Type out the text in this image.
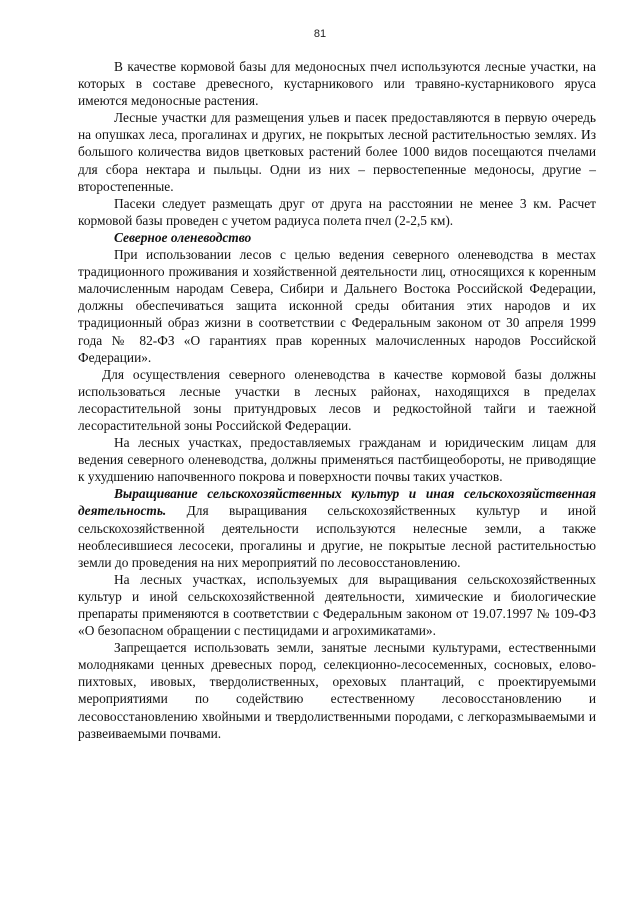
81

В качестве кормовой базы для медоносных пчел используются лесные участки, на которых в составе древесного, кустарникового или травяно-кустарникового яруса имеются медоносные растения.

Лесные участки для размещения ульев и пасек предоставляются в первую очередь на опушках леса, прогалинах и других, не покрытых лесной растительностью землях. Из большого количества видов цветковых растений более 1000 видов посещаются пчелами для сбора нектара и пыльцы. Одни из них – первостепенные медоносы, другие – второстепенные.

Пасеки следует размещать друг от друга на расстоянии не менее 3 км. Расчет кормовой базы проведен с учетом радиуса полета пчел (2-2,5 км).

Северное оленеводство

При использовании лесов с целью ведения северного оленеводства в местах традиционного проживания и хозяйственной деятельности лиц, относящихся к коренным малочисленным народам Севера, Сибири и Дальнего Востока Российской Федерации, должны обеспечиваться защита исконной среды обитания этих народов и их традиционный образ жизни в соответствии с Федеральным законом от 30 апреля 1999 года № 82-ФЗ «О гарантиях прав коренных малочисленных народов Российской Федерации».

Для осуществления северного оленеводства в качестве кормовой базы должны использоваться лесные участки в лесных районах, находящихся в пределах лесорастительной зоны притундровых лесов и редкостойной тайги и таежной лесорастительной зоны Российской Федерации.

На лесных участках, предоставляемых гражданам и юридическим лицам для ведения северного оленеводства, должны применяться пастбищеобороты, не приводящие к ухудшению напочвенного покрова и поверхности почвы таких участков.

Выращивание сельскохозяйственных культур и иная сельскохозяйственная деятельность. Для выращивания сельскохозяйственных культур и иной сельскохозяйственной деятельности используются нелесные земли, а также необлесившиеся лесосеки, прогалины и другие, не покрытые лесной растительностью земли до проведения на них мероприятий по лесовосстановлению.

На лесных участках, используемых для выращивания сельскохозяйственных культур и иной сельскохозяйственной деятельности, химические и биологические препараты применяются в соответствии с Федеральным законом от 19.07.1997 № 109-ФЗ «О безопасном обращении с пестицидами и агрохимикатами».

Запрещается использовать земли, занятые лесными культурами, естественными молодняками ценных древесных пород, селекционно-лесосеменных, сосновых, елово-пихтовых, ивовых, твердолиственных, ореховых плантаций, с проектируемыми мероприятиями по содействию естественному лесовосстановлению и лесовосстановлению хвойными и твердолиственными породами, с легкоразмываемыми и развеиваемыми почвами.
